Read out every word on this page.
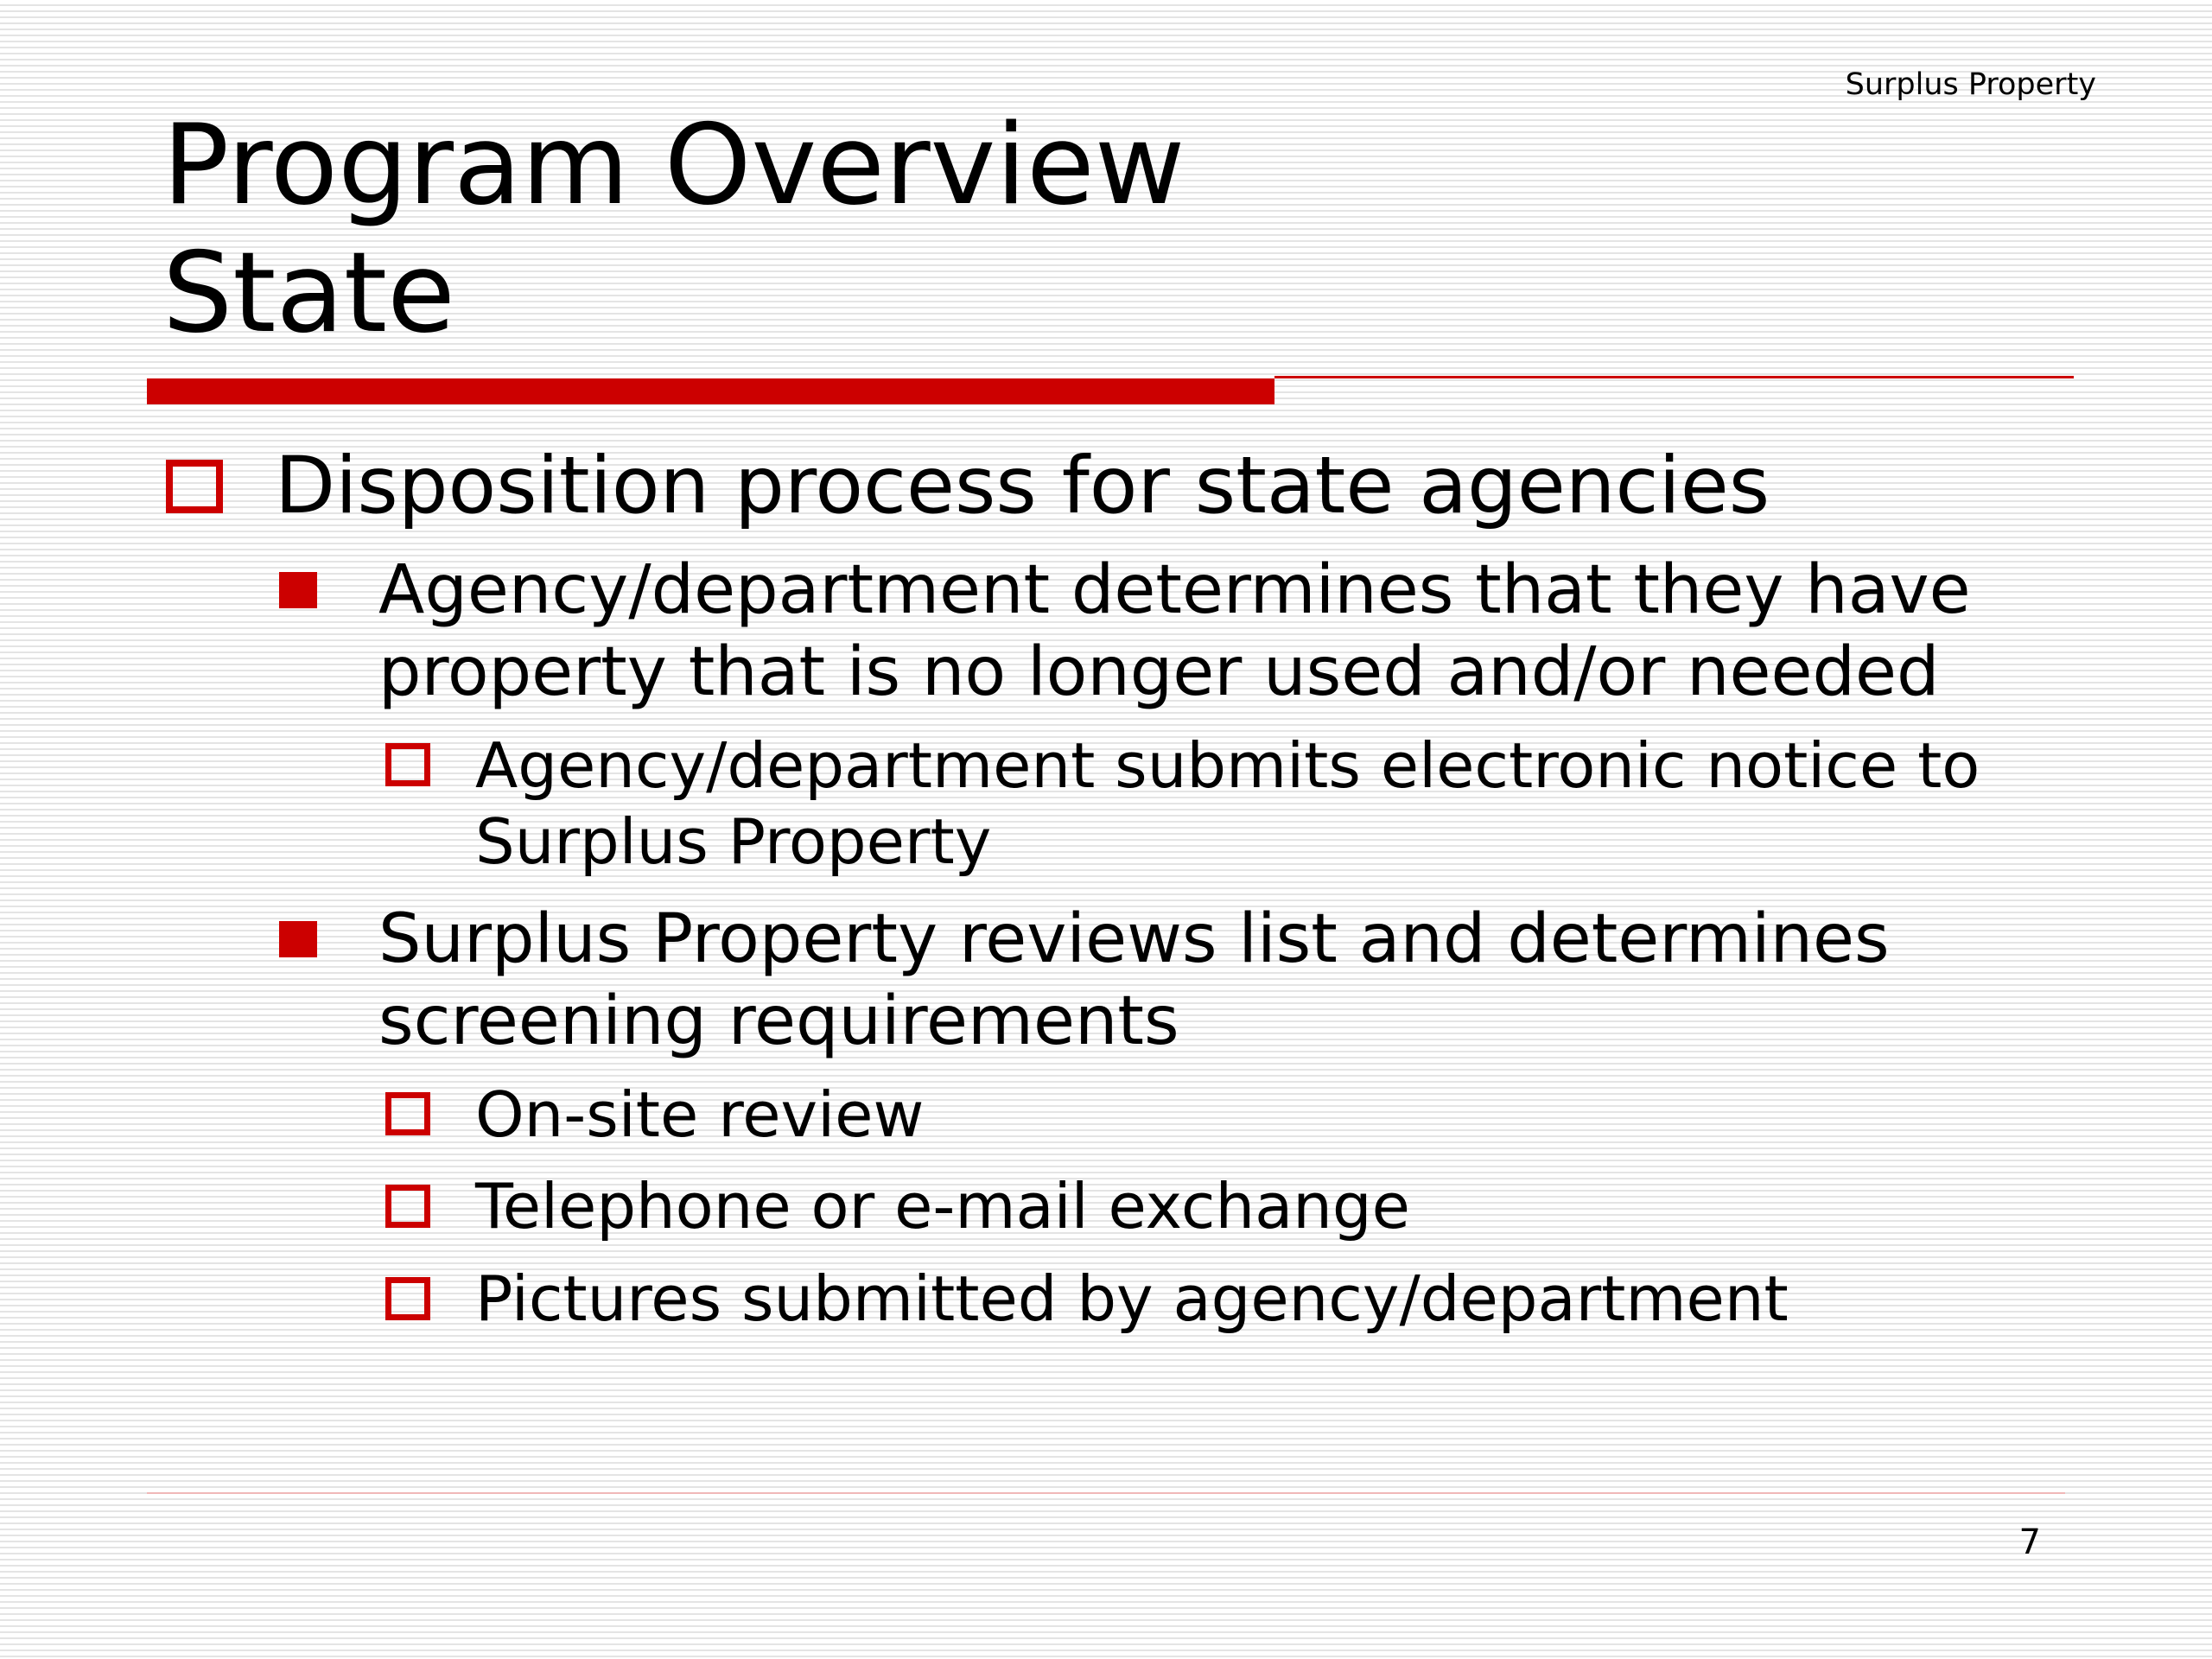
Surplus Property
Program Overview
State
Disposition process for state agencies
Agency/department determines that they have
property that is no longer used and/or needed
Agency/department submits electronic notice to
Surplus Property
Surplus Property reviews list and determines
screening requirements
On-site review
Telephone or e-mail exchange
Pictures submitted by agency/department
7
